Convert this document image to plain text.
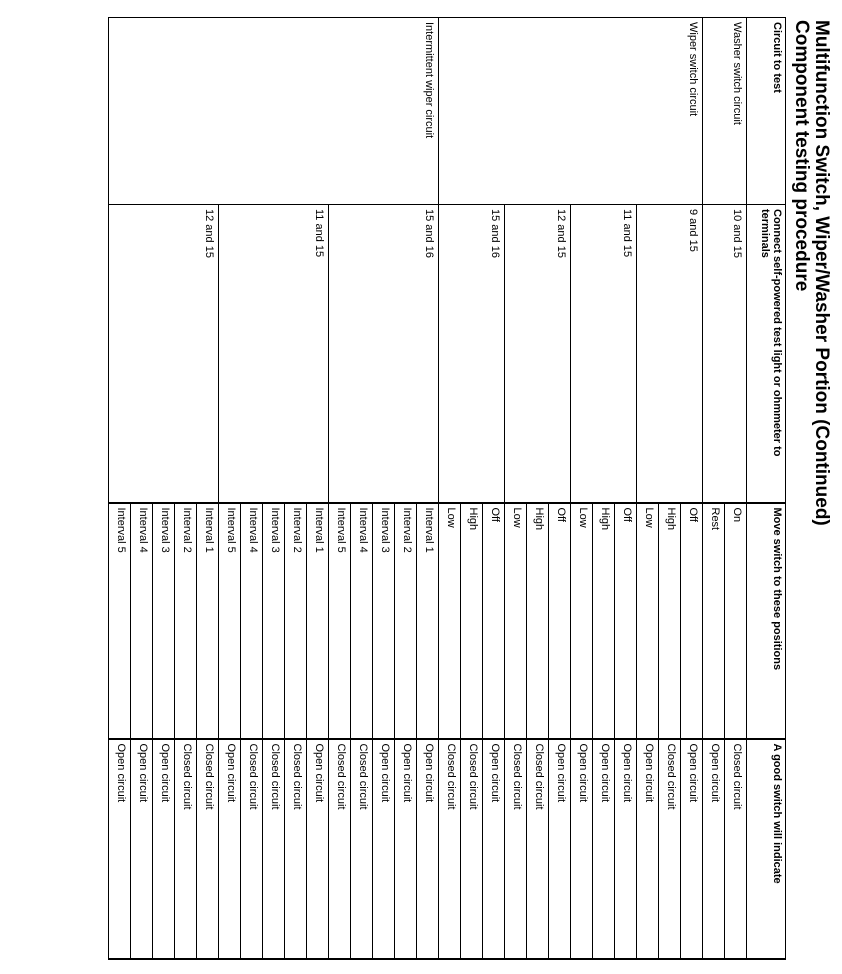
Multifunction Switch, Wiper/Washer Portion (Continued)
Component testing procedure
Circuit to test	Connect self-powered test light or ohmmeter to terminals	Move switch to these positions	A good switch will indicate
Washer switch circuit	10 and 15	On	Closed circuit
		Rest	Open circuit
Wiper switch circuit	9 and 15	Off	Open circuit
		High	Closed circuit
		Low	Open circuit
	11 and 15	Off	Open circuit
		High	Open circuit
		Low	Open circuit
	12 and 15	Off	Open circuit
		High	Closed circuit
		Low	Closed circuit
	15 and 16	Off	Open circuit
		High	Closed circuit
		Low	Closed circuit
Intermittent wiper circuit	15 and 16	Interval 1	Open circuit
		Interval 2	Open circuit
		Interval 3	Open circuit
		Interval 4	Closed circuit
		Interval 5	Closed circuit
	11 and 15	Interval 1	Open circuit
		Interval 2	Closed circuit
		Interval 3	Closed circuit
		Interval 4	Closed circuit
		Interval 5	Open circuit
	12 and 15	Interval 1	Closed circuit
		Interval 2	Closed circuit
		Interval 3	Open circuit
		Interval 4	Open circuit
		Interval 5	Open circuit
